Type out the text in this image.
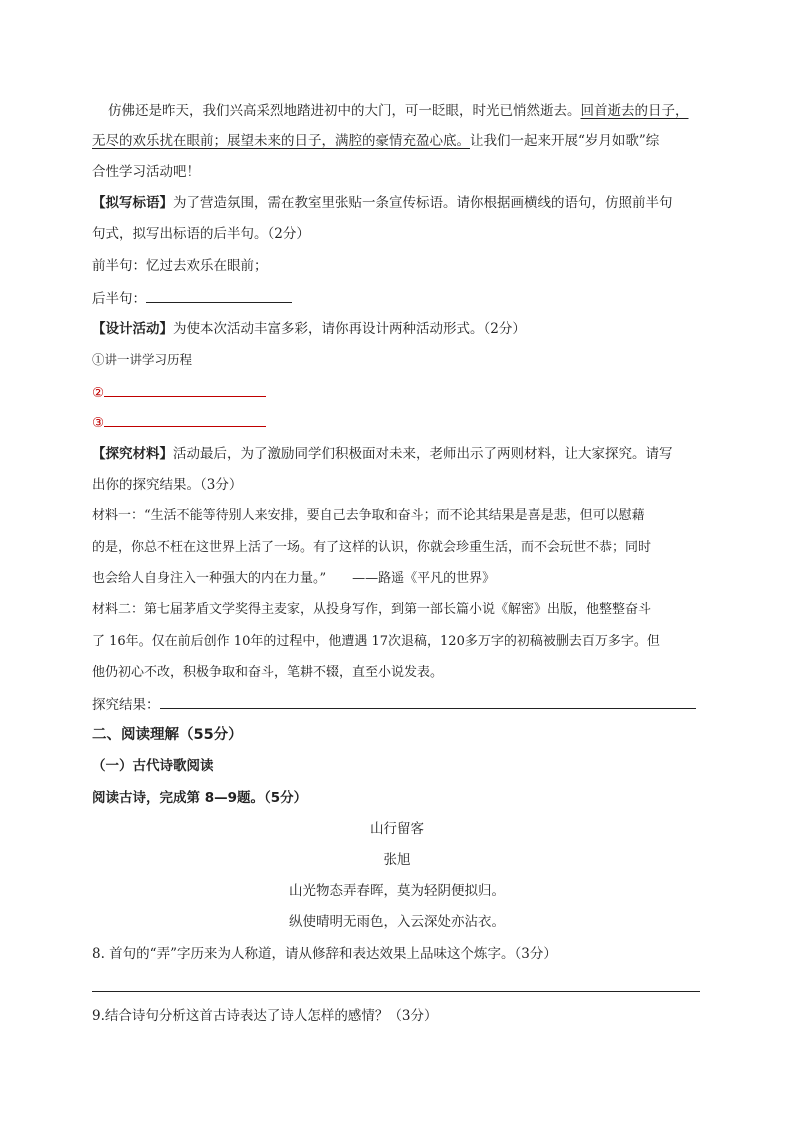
仿佛还是昨天，我们兴高采烈地踏进初中的大门，可一眨眼，时光已悄然逝去。回首逝去的日子，
无尽的欢乐扰在眼前；展望未来的日子，满腔的豪情充盈心底。让我们一起来开展“岁月如歌”综
合性学习活动吧！
【拟写标语】为了营造氛围，需在教室里张贴一条宣传标语。请你根据画横线的语句，仿照前半句
句式，拟写出标语的后半句。（2分）
前半句：忆过去欢乐在眼前；
后半句：
【设计活动】为使本次活动丰富多彩，请你再设计两种活动形式。（2分）
①讲一讲学习历程
②
③
【探究材料】活动最后，为了激励同学们积极面对未来，老师出示了两则材料，让大家探究。请写
出你的探究结果。（3分）
材料一：“生活不能等待别人来安排，要自己去争取和奋斗；而不论其结果是喜是悲，但可以慰藉
的是，你总不枉在这世界上活了一场。有了这样的认识，你就会珍重生活，而不会玩世不恭；同时
也会给人自身注入一种强大的内在力量。”　　——路遥《平凡的世界》
材料二：第七届茅盾文学奖得主麦家，从投身写作，到第一部长篇小说《解密》出版，他整整奋斗
了 16年。仅在前后创作 10年的过程中，他遭遇 17次退稿，120多万字的初稿被删去百万多字。但
他仍初心不改，积极争取和奋斗，笔耕不辍，直至小说发表。
探究结果：
二、阅读理解（55分）
（一）古代诗歌阅读
阅读古诗，完成第 8—9题。（5分）
山行留客
张旭
山光物态弄春晖，莫为轻阴便拟归。
纵使晴明无雨色，入云深处亦沾衣。
8. 首句的“弄”字历来为人称道，请从修辞和表达效果上品味这个炼字。（3分）
9.结合诗句分析这首古诗表达了诗人怎样的感情？（3分）
